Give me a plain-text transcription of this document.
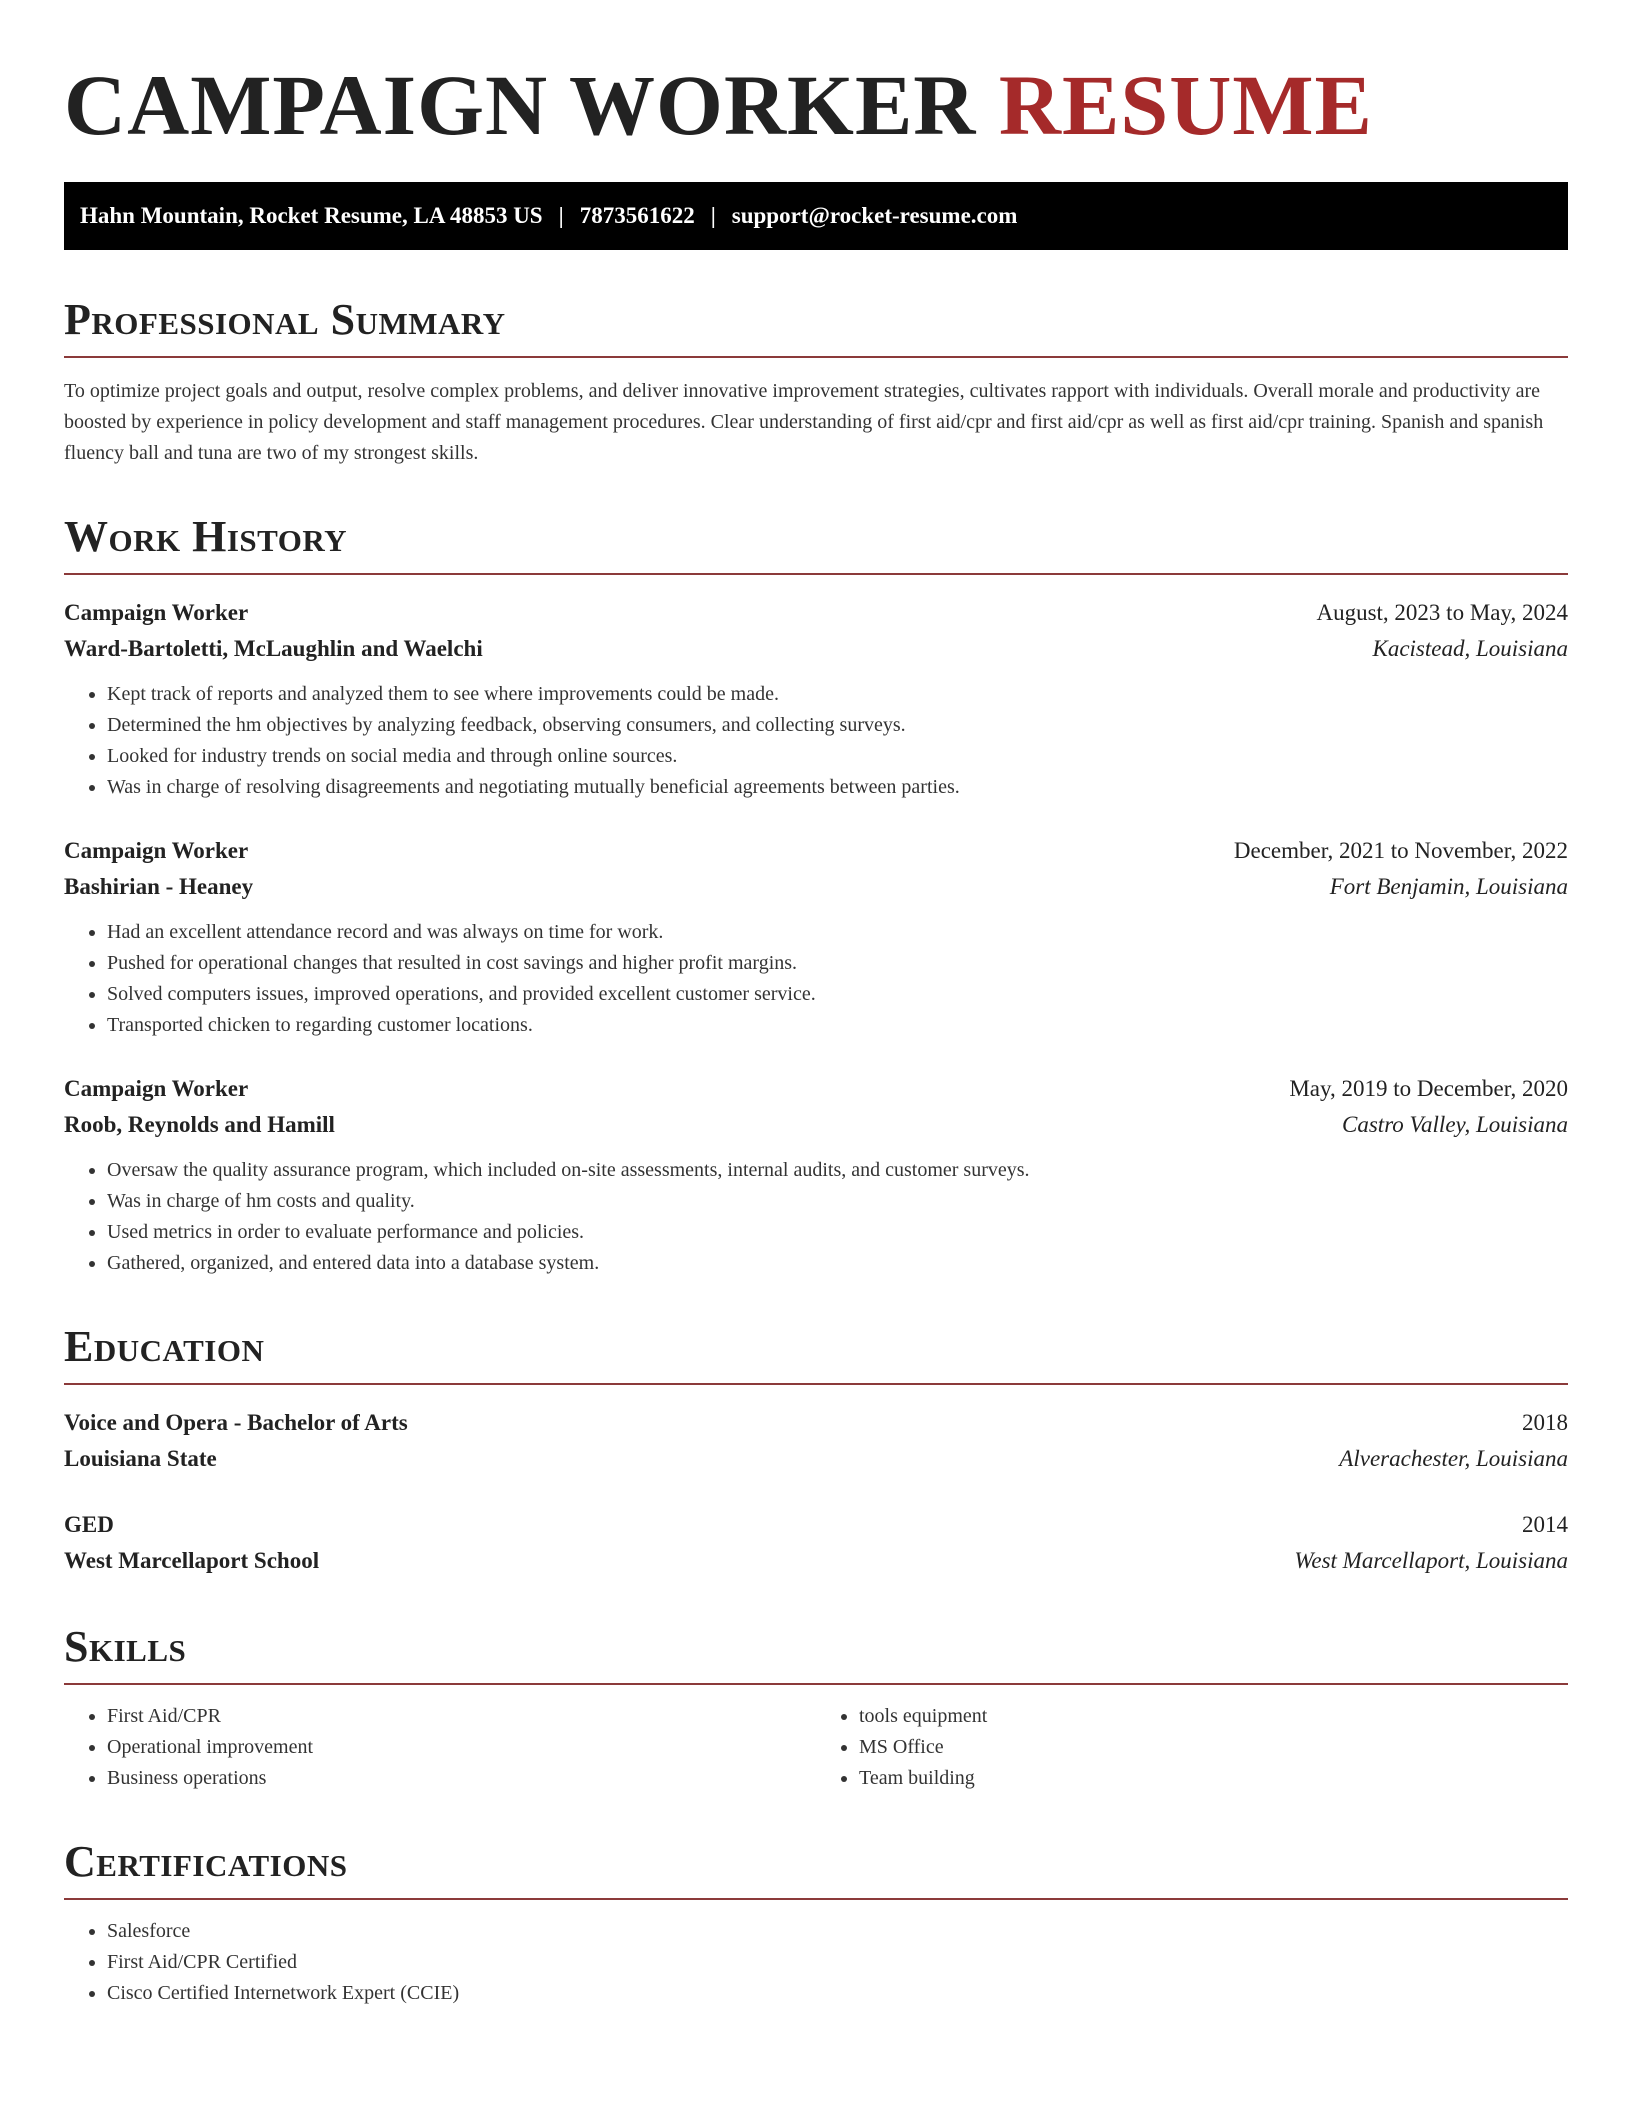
CAMPAIGN WORKER RESUME
Hahn Mountain, Rocket Resume, LA 48853 US | 7873561622 | support@rocket-resume.com
Professional Summary

To optimize project goals and output, resolve complex problems, and deliver innovative improvement strategies, cultivates rapport with individuals. Overall morale and productivity are boosted by experience in policy development and staff management procedures. Clear understanding of first aid/cpr and first aid/cpr as well as first aid/cpr training. Spanish and spanish fluency ball and tuna are two of my strongest skills.

Work History
Campaign Worker	August, 2023 to May, 2024
Ward-Bartoletti, McLaughlin and Waelchi	Kacistead, Louisiana
• Kept track of reports and analyzed them to see where improvements could be made.
• Determined the hm objectives by analyzing feedback, observing consumers, and collecting surveys.
• Looked for industry trends on social media and through online sources.
• Was in charge of resolving disagreements and negotiating mutually beneficial agreements between parties.
Campaign Worker	December, 2021 to November, 2022
Bashirian - Heaney	Fort Benjamin, Louisiana
• Had an excellent attendance record and was always on time for work.
• Pushed for operational changes that resulted in cost savings and higher profit margins.
• Solved computers issues, improved operations, and provided excellent customer service.
• Transported chicken to regarding customer locations.
Campaign Worker	May, 2019 to December, 2020
Roob, Reynolds and Hamill	Castro Valley, Louisiana
• Oversaw the quality assurance program, which included on-site assessments, internal audits, and customer surveys.
• Was in charge of hm costs and quality.
• Used metrics in order to evaluate performance and policies.
• Gathered, organized, and entered data into a database system.
Education
Voice and Opera - Bachelor of Arts	2018
Louisiana State	Alverachester, Louisiana
GED	2014
West Marcellaport School	West Marcellaport, Louisiana
Skills
• First Aid/CPR
• Operational improvement
• Business operations
• tools equipment
• MS Office
• Team building
Certifications
• Salesforce
• First Aid/CPR Certified
• Cisco Certified Internetwork Expert (CCIE)
